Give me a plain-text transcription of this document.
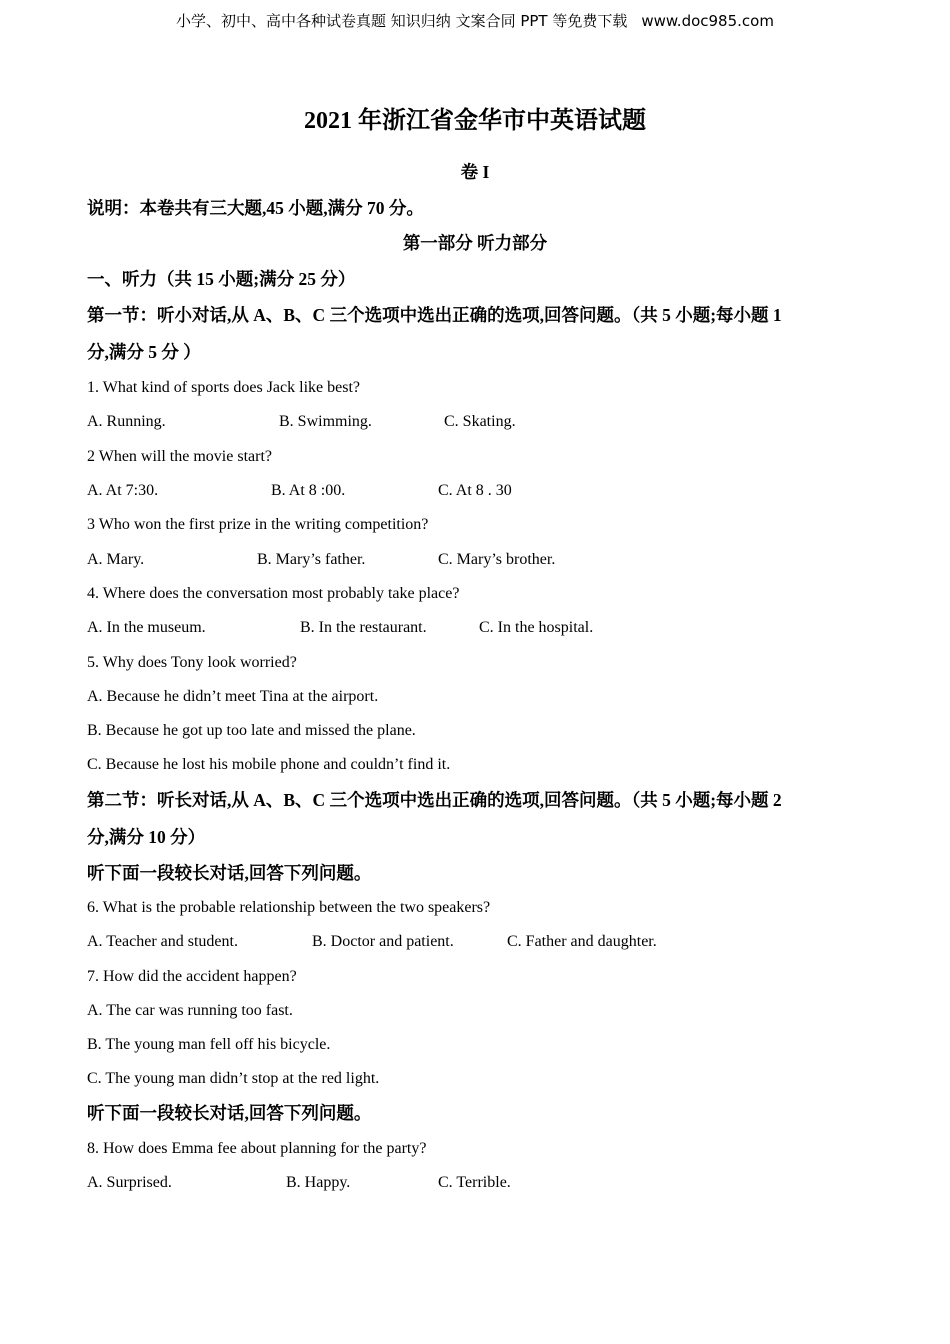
小学、初中、高中各种试卷真题 知识归纳 文案合同 PPT 等免费下载 www.doc985.com
2021 年浙江省金华市中英语试题
卷 I
说明：本卷共有三大题,45 小题,满分 70 分。
第一部分 听力部分
一、听力（共 15 小题;满分 25 分）
第一节：听小对话,从 A、B、C 三个选项中选出正确的选项,回答问题。（共 5 小题;每小题 1
分,满分 5 分 ）
1. What kind of sports does Jack like best?
A. Running.	B. Swimming.	C. Skating.
2 When will the movie start?
A. At 7:30.	B. At 8 :00.	C. At 8 . 30
3 Who won the first prize in the writing competition?
A. Mary.	B. Mary’s father.	C. Mary’s brother.
4. Where does the conversation most probably take place?
A. In the museum.	B. In the restaurant.	C. In the hospital.
5. Why does Tony look worried?
A. Because he didn’t meet Tina at the airport.
B. Because he got up too late and missed the plane.
C. Because he lost his mobile phone and couldn’t find it.
第二节：听长对话,从 A、B、C 三个选项中选出正确的选项,回答问题。（共 5 小题;每小题 2
分,满分 10 分）
听下面一段较长对话,回答下列问题。
6. What is the probable relationship between the two speakers?
A. Teacher and student.	B. Doctor and patient.	C. Father and daughter.
7. How did the accident happen?
A. The car was running too fast.
B. The young man fell off his bicycle.
C. The young man didn’t stop at the red light.
听下面一段较长对话,回答下列问题。
8. How does Emma fee about planning for the party?
A. Surprised.	B. Happy.	C. Terrible.
